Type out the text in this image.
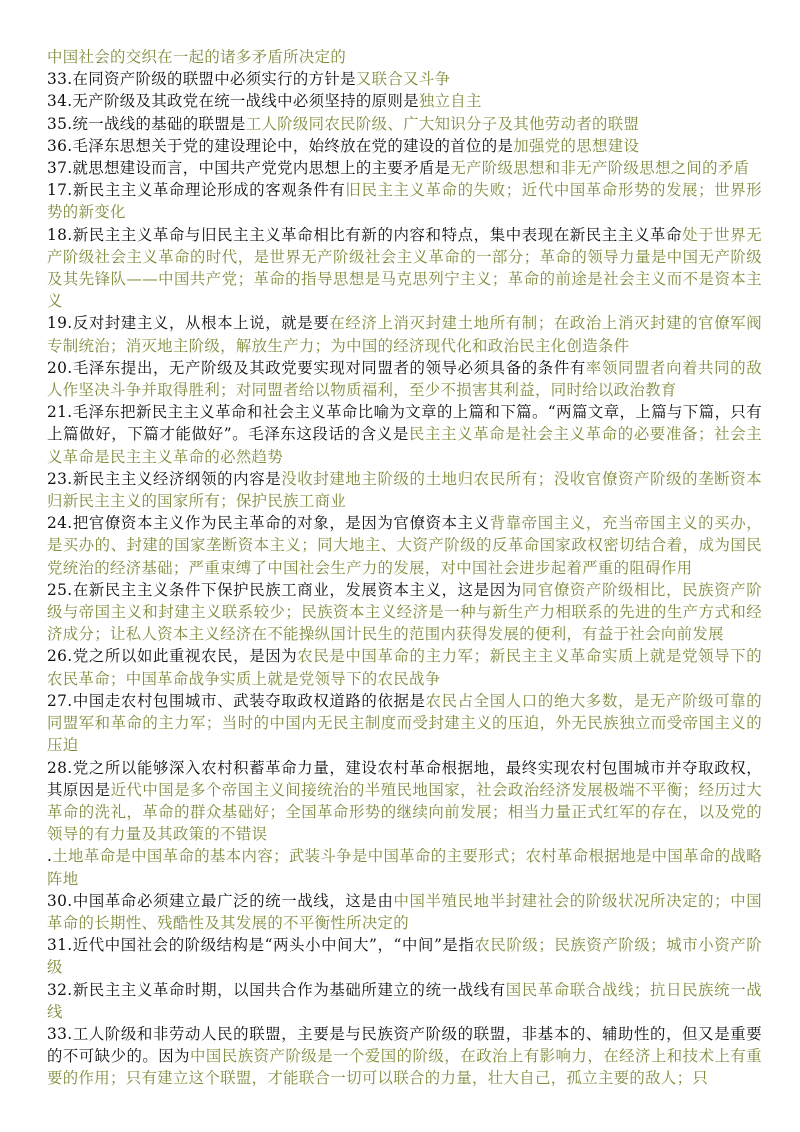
中国社会的交织在一起的诸多矛盾所决定的
33.在同资产阶级的联盟中必须实行的方针是又联合又斗争
34.无产阶级及其政党在统一战线中必须坚持的原则是独立自主
35.统一战线的基础的联盟是工人阶级同农民阶级、广大知识分子及其他劳动者的联盟
36.毛泽东思想关于党的建设理论中，始终放在党的建设的首位的是加强党的思想建设
37.就思想建设而言，中国共产党党内思想上的主要矛盾是无产阶级思想和非无产阶级思想之间的矛盾
17.新民主主义革命理论形成的客观条件有旧民主主义革命的失败；近代中国革命形势的发展；世界形势的新变化
18.新民主主义革命与旧民主主义革命相比有新的内容和特点，集中表现在新民主主义革命处于世界无产阶级社会主义革命的时代，是世界无产阶级社会主义革命的一部分；革命的领导力量是中国无产阶级及其先锋队——中国共产党；革命的指导思想是马克思列宁主义；革命的前途是社会主义而不是资本主义
19.反对封建主义，从根本上说，就是要在经济上消灭封建土地所有制；在政治上消灭封建的官僚军阀专制统治；消灭地主阶级，解放生产力；为中国的经济现代化和政治民主化创造条件
20.毛泽东提出，无产阶级及其政党要实现对同盟者的领导必须具备的条件有率领同盟者向着共同的敌人作坚决斗争并取得胜利；对同盟者给以物质福利，至少不损害其利益，同时给以政治教育
21.毛泽东把新民主主义革命和社会主义革命比喻为文章的上篇和下篇。“两篇文章，上篇与下篇，只有上篇做好，下篇才能做好”。毛泽东这段话的含义是民主主义革命是社会主义革命的必要准备；社会主义革命是民主主义革命的必然趋势
23.新民主主义经济纲领的内容是没收封建地主阶级的土地归农民所有；没收官僚资产阶级的垄断资本归新民主主义的国家所有；保护民族工商业
24.把官僚资本主义作为民主革命的对象，是因为官僚资本主义背靠帝国主义，充当帝国主义的买办，是买办的、封建的国家垄断资本主义；同大地主、大资产阶级的反革命国家政权密切结合着，成为国民党统治的经济基础；严重束缚了中国社会生产力的发展，对中国社会进步起着严重的阻碍作用
25.在新民主主义条件下保护民族工商业，发展资本主义，这是因为同官僚资产阶级相比，民族资产阶级与帝国主义和封建主义联系较少；民族资本主义经济是一种与新生产力相联系的先进的生产方式和经济成分；让私人资本主义经济在不能操纵国计民生的范围内获得发展的便利，有益于社会向前发展
26.党之所以如此重视农民，是因为农民是中国革命的主力军；新民主主义革命实质上就是党领导下的农民革命；中国革命战争实质上就是党领导下的农民战争
27.中国走农村包围城市、武装夺取政权道路的依据是农民占全国人口的绝大多数，是无产阶级可靠的同盟军和革命的主力军；当时的中国内无民主制度而受封建主义的压迫，外无民族独立而受帝国主义的压迫
28.党之所以能够深入农村积蓄革命力量，建设农村革命根据地，最终实现农村包围城市并夺取政权，其原因是近代中国是多个帝国主义间接统治的半殖民地国家，社会政治经济发展极端不平衡；经历过大革命的洗礼，革命的群众基础好；全国革命形势的继续向前发展；相当力量正式红军的存在，以及党的领导的有力量及其政策的不错误
.土地革命是中国革命的基本内容；武装斗争是中国革命的主要形式；农村革命根据地是中国革命的战略阵地
30.中国革命必须建立最广泛的统一战线，这是由中国半殖民地半封建社会的阶级状况所决定的；中国革命的长期性、残酷性及其发展的不平衡性所决定的
31.近代中国社会的阶级结构是“两头小中间大”，“中间”是指农民阶级；民族资产阶级；城市小资产阶级
32.新民主主义革命时期，以国共合作为基础所建立的统一战线有国民革命联合战线；抗日民族统一战线
33.工人阶级和非劳动人民的联盟，主要是与民族资产阶级的联盟，非基本的、辅助性的，但又是重要的不可缺少的。因为中国民族资产阶级是一个爱国的阶级，在政治上有影响力，在经济上和技术上有重要的作用；只有建立这个联盟，才能联合一切可以联合的力量，壮大自己，孤立主要的敌人；只
